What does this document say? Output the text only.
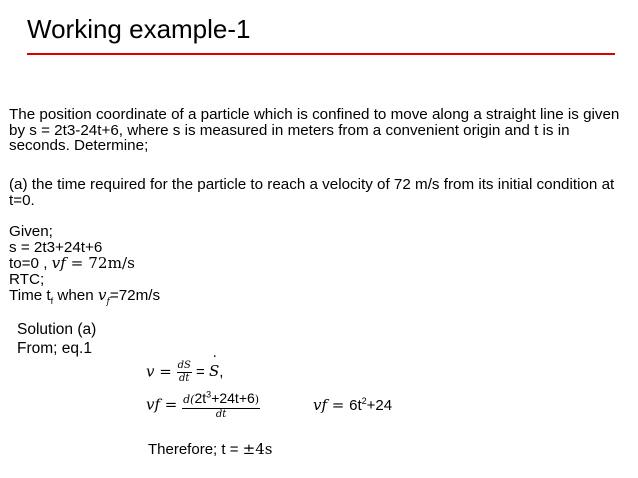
Working example-1
The position coordinate of a particle which is confined to move along a straight line is given by s = 2t3-24t+6, where s is measured in meters from a convenient origin and t is in seconds. Determine;
(a) the time required for the particle to reach a velocity of 72 m/s from its initial condition at t=0.
Given;
s = 2t3+24t+6
to=0 , vf = 72m/s
RTC;
Time $t_f$ when $v_f=72m/s$
Solution (a)
From; eq.1
$v = \frac{dS}{dt}$ = ˙ S,
vf = $\frac{d(2t^3+24t+6)}{dt}$	vf = $6t^2+24$
Therefore; t = ±4s
